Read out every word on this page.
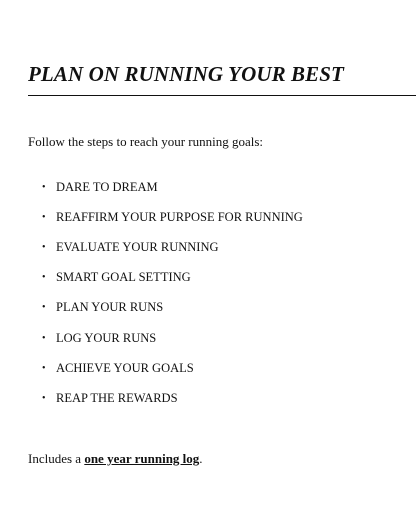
PLAN ON RUNNING YOUR BEST

Follow the steps to reach your running goals:

• DARE TO DREAM
• REAFFIRM YOUR PURPOSE FOR RUNNING
• EVALUATE YOUR RUNNING
• SMART GOAL SETTING
• PLAN YOUR RUNS
• LOG YOUR RUNS
• ACHIEVE YOUR GOALS
• REAP THE REWARDS

Includes a one year running log.
